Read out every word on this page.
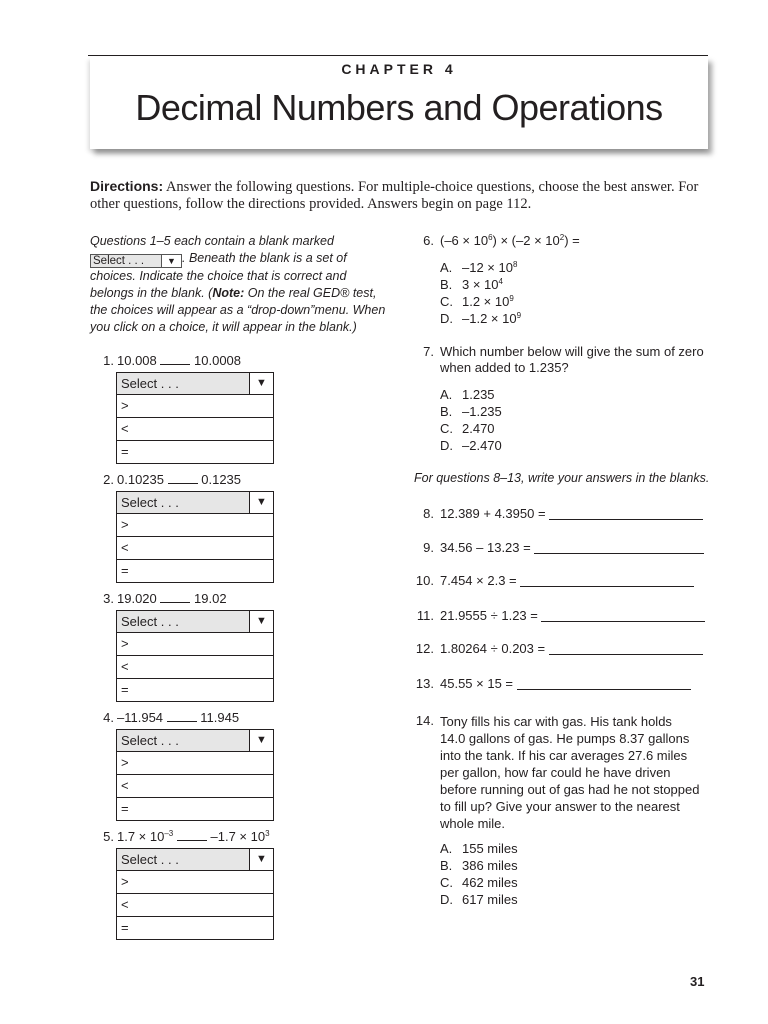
CHAPTER 4
Decimal Numbers and Operations
Directions: Answer the following questions. For multiple-choice questions, choose the best answer. For other questions, follow the directions provided. Answers begin on page 112.
Questions 1–5 each contain a blank marked Select . . .	▼ . Beneath the blank is a set of choices. Indicate the choice that is correct and belongs in the blank. (Note: On the real GED® test, the choices will appear as a “drop-down”menu. When you click on a choice, it will appear in the blank.)
1. 10.008	10.0008
Select . . .	▼
>
<
=
2. 0.10235	0.1235
Select . . .	▼
>
<
=
3. 19.020	19.02
Select . . .	▼
>
<
=
4. –11.954	11.945
Select . . .	▼
>
<
=
5. $1.7 \times 10^{-3}$	$-1.7 \times 10^3$
Select . . .	▼
>
<
=
6. $(-6 \times 10^6) \times (-2 \times 10^2)$ =
A. $-12 \times 10^8$
B. $3 \times 10^4$
C. $1.2 \times 10^9$
D. $-1.2 \times 10^9$
7. Which number below will give the sum of zero
when added to 1.235?
A. 1.235
B. –1.235
C. 2.470
D. –2.470
For questions 8–13, write your answers in the blanks.
8. 12.389 + 4.3950 =
9. 34.56 – 13.23 =
10. 7.454 × 2.3 =
11. 21.9555 ÷ 1.23 =
12. 1.80264 ÷ 0.203 =
13. 45.55 × 15 =
14. Tony fills his car with gas. His tank holds
14.0 gallons of gas. He pumps 8.37 gallons
into the tank. If his car averages 27.6 miles
per gallon, how far could he have driven
before running out of gas had he not stopped
to fill up? Give your answer to the nearest
whole mile.
A. 155 miles
B. 386 miles
C. 462 miles
D. 617 miles
31
